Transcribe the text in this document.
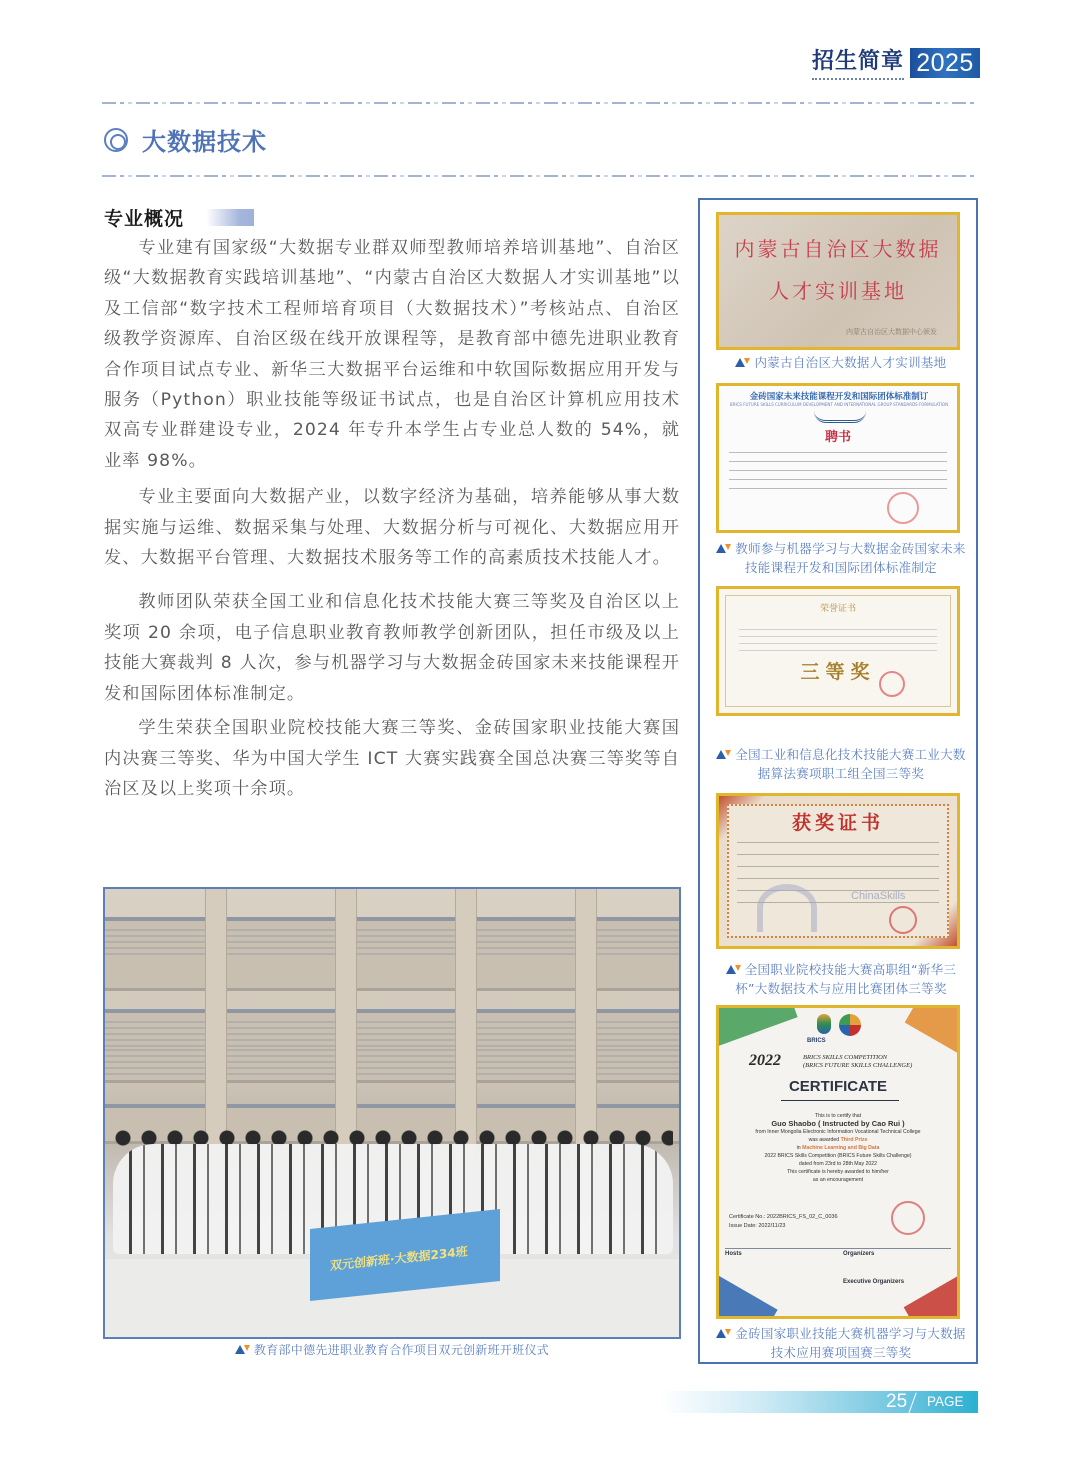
招生简章 2025
大数据技术
专业概况

专业建有国家级“大数据专业群双师型教师培养培训基地”、自治区级“大数据教育实践培训基地”、“内蒙古自治区大数据人才实训基地”以及工信部“数字技术工程师培育项目（大数据技术）”考核站点、自治区级教学资源库、自治区级在线开放课程等，是教育部中德先进职业教育合作项目试点专业、新华三大数据平台运维和中软国际数据应用开发与服务（Python）职业技能等级证书试点，也是自治区计算机应用技术双高专业群建设专业，2024 年专升本学生占专业总人数的 54%，就业率 98%。

专业主要面向大数据产业，以数字经济为基础，培养能够从事大数据实施与运维、数据采集与处理、大数据分析与可视化、大数据应用开发、大数据平台管理、大数据技术服务等工作的高素质技术技能人才。

教师团队荣获全国工业和信息化技术技能大赛三等奖及自治区以上奖项 20 余项，电子信息职业教育教师教学创新团队，担任市级及以上技能大赛裁判 8 人次，参与机器学习与大数据金砖国家未来技能课程开发和国际团体标准制定。

学生荣获全国职业院校技能大赛三等奖、金砖国家职业技能大赛国内决赛三等奖、华为中国大学生 ICT 大赛实践赛全国总决赛三等奖等自治区及以上奖项十余项。

双元创新班·大数据234班
教育部中德先进职业教育合作项目双元创新班开班仪式
内蒙古自治区大数据
人才实训基地
内蒙古自治区大数据中心颁发
内蒙古自治区大数据人才实训基地
金砖国家未来技能课程开发和国际团体标准制订
BRICS FUTURE SKILLS CURRICULUM DEVELOPMENT AND INTERNATIONAL GROUP STANDARDS FORMULATION
聘书
教师参与机器学习与大数据金砖国家未来技能课程开发和国际团体标准制定
荣誉证书
三等奖
全国工业和信息化技术技能大赛工业大数据算法赛项职工组全国三等奖
获奖证书
ChinaSkills
全国职业院校技能大赛高职组“新华三杯”大数据技术与应用比赛团体三等奖
BRICS
2022	BRICS SKILLS COMPETITION
(BRICS FUTURE SKILLS CHALLENGE)
CERTIFICATE
This is to certify that
Guo Shaobo ( Instructed by Cao Rui )
from Inner Mongolia Electronic Information Vocational Technical College
was awarded Third Prize
in Machine Learning and Big Data
2022 BRICS Skills Competition (BRICS Future Skills Challenge)
dated from 23rd to 28th May 2022
This certificate is hereby awarded to him/her
as an encouragement
Certificate No.: 2022BRICS_FS_02_C_0036
Issue Date: 2022/11/23
Hosts	Organizers
Executive Organizers
金砖国家职业技能大赛机器学习与大数据技术应用赛项国赛三等奖
25 PAGE
